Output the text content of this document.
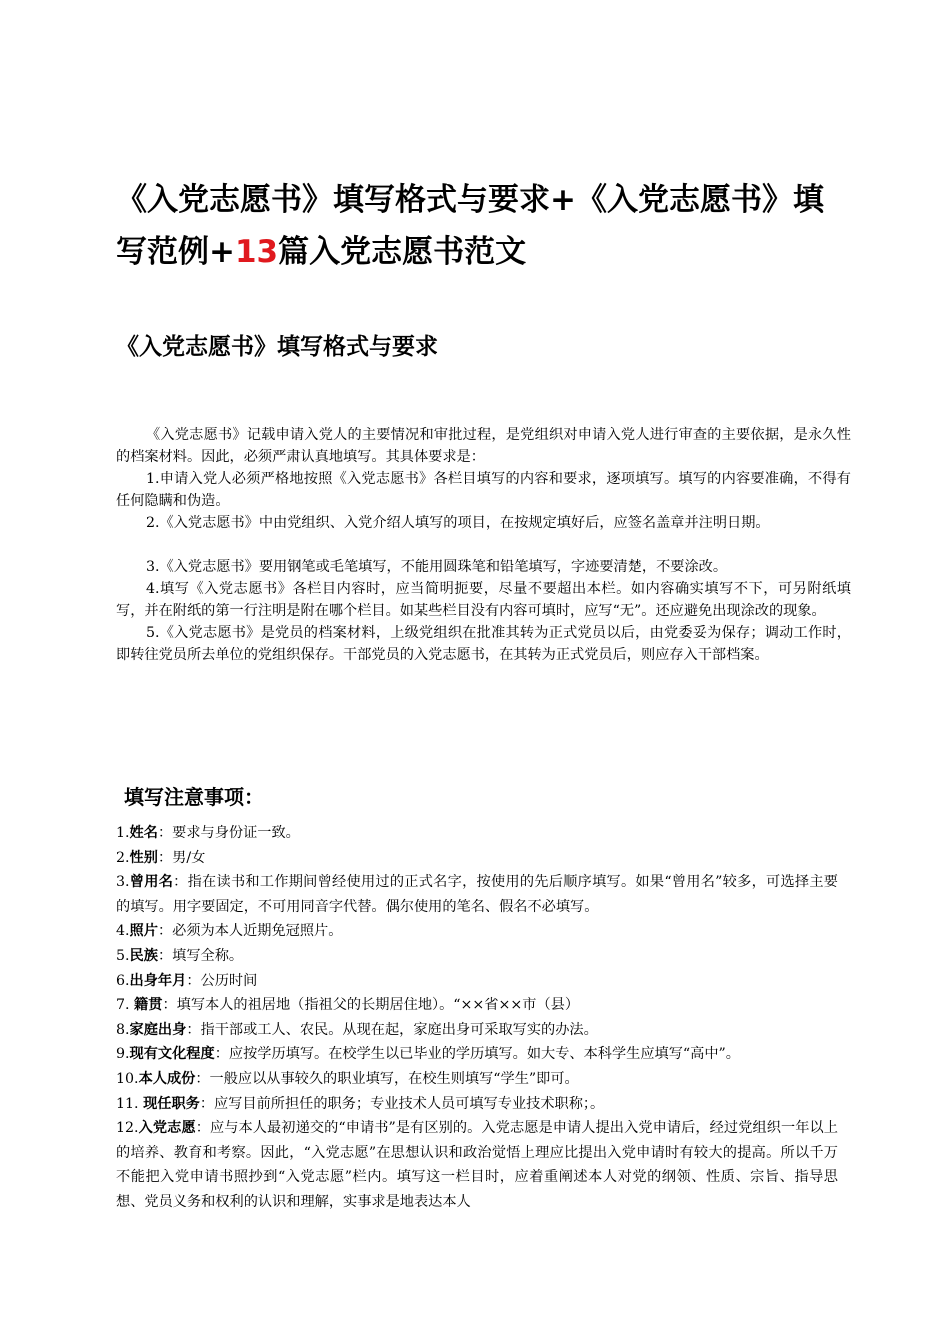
《入党志愿书》填写格式与要求+《入党志愿书》填写范例+13篇入党志愿书范文
《入党志愿书》填写格式与要求

《入党志愿书》记载申请入党人的主要情况和审批过程，是党组织对申请入党人进行审查的主要依据，是永久性的档案材料。因此，必须严肃认真地填写。其具体要求是：

1.申请入党人必须严格地按照《入党志愿书》各栏目填写的内容和要求，逐项填写。填写的内容要准确，不得有任何隐瞒和伪造。

2.《入党志愿书》中由党组织、入党介绍人填写的项目，在按规定填好后，应签名盖章并注明日期。

3.《入党志愿书》要用钢笔或毛笔填写，不能用圆珠笔和铅笔填写，字迹要清楚，不要涂改。

4.填写《入党志愿书》各栏目内容时，应当简明扼要，尽量不要超出本栏。如内容确实填写不下，可另附纸填写，并在附纸的第一行注明是附在哪个栏目。如某些栏目没有内容可填时，应写“无”。还应避免出现涂改的现象。

5.《入党志愿书》是党员的档案材料，上级党组织在批准其转为正式党员以后，由党委妥为保存；调动工作时，即转往党员所去单位的党组织保存。干部党员的入党志愿书，在其转为正式党员后，则应存入干部档案。

填写注意事项：

1.姓名：要求与身份证一致。

2.性别：男/女

3.曾用名：指在读书和工作期间曾经使用过的正式名字，按使用的先后顺序填写。如果“曾用名”较多，可选择主要的填写。用字要固定，不可用同音字代替。偶尔使用的笔名、假名不必填写。

4.照片：必须为本人近期免冠照片。

5.民族：填写全称。

6.出身年月：公历时间

7. 籍贯：填写本人的祖居地（指祖父的长期居住地）。“××省××市（县）

8.家庭出身：指干部或工人、农民。从现在起，家庭出身可采取写实的办法。

9.现有文化程度：应按学历填写。在校学生以已毕业的学历填写。如大专、本科学生应填写“高中”。

10.本人成份：一般应以从事较久的职业填写，在校生则填写“学生”即可。

11. 现任职务：应写目前所担任的职务；专业技术人员可填写专业技术职称；。

12.入党志愿：应与本人最初递交的“申请书”是有区别的。入党志愿是申请人提出入党申请后，经过党组织一年以上的培养、教育和考察。因此，“入党志愿”在思想认识和政治觉悟上理应比提出入党申请时有较大的提高。所以千万不能把入党申请书照抄到“入党志愿”栏内。填写这一栏目时，应着重阐述本人对党的纲领、性质、宗旨、指导思想、党员义务和权利的认识和理解，实事求是地表达本人
